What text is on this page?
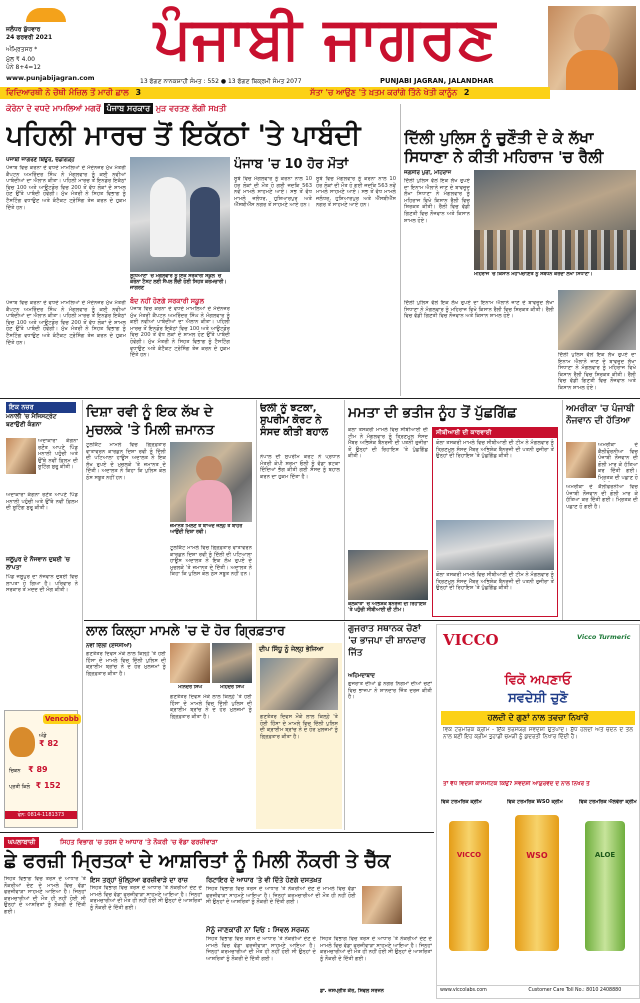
ਜਲੰਧਰ ਬੁੱਧਵਾਰ
24 ਫਰਵਰੀ 2021
ਅੰਮ੍ਰਿਤਸਰ *
ਮੁੱਲ ₹ 4.00
ਪੰਨੇ 8+4=12
www.punjabijagran.com
ਪੰਜਾਬੀ ਜਾਗਰਣ
13 ਫੱਗਣ ਨਾਨਕਸ਼ਾਹੀ ਸੰਮਤ : 552 ● 13 ਫੱਗਣ ਬਿਕ੍ਰਮੀ ਸੰਮਤ 2077	PUNJABI JAGRAN, JALANDHAR
ਵਿਦਿਆਰਥੀ ਨੇ ਚੌਥੀ ਮੰਜ਼ਿਲ ਤੋਂ ਮਾਰੀ ਛਾਲ 3	ਸੱਤਾ 'ਚ ਆਉਣ 'ਤੇ ਖ਼ਤਮ ਕਰਾਂਗੇ ਤਿੰਨੇ ਖੇਤੀ ਕਾਨੂੰਨ 2
ਕੋਰੋਨਾ ਦੇ ਵਧਦੇ ਮਾਮਲਿਆਂ ਮਗਰੋਂ ਪੰਜਾਬ ਸਰਕਾਰ ਮੁੜ ਵਰਤਣ ਲੱਗੀ ਸਖ਼ਤੀ
ਪਹਿਲੀ ਮਾਰਚ ਤੋਂ ਇਕੱਠਾਂ 'ਤੇ ਪਾਬੰਦੀ
ਪੰਜਾਬੀ ਜਾਗਰਣ ਬਿਊਰੋ, ਚੰਡੀਗੜ੍ਹ
ਪੰਜਾਬ ਵਿਚ ਕੋਰੋਨਾ ਦੇ ਵਧਦੇ ਮਾਮਲਿਆਂ ਦੇ ਮੱਦੇਨਜ਼ਰ ਮੁੱਖ ਮੰਤਰੀ ਕੈਪਟਨ ਅਮਰਿੰਦਰ ਸਿੰਘ ਨੇ ਮੰਗਲਵਾਰ ਨੂੰ ਕਈ ਨਵੀਆਂ ਪਾਬੰਦੀਆਂ ਦਾ ਐਲਾਨ ਕੀਤਾ। ਪਹਿਲੀ ਮਾਰਚ ਤੋਂ ਇਨਡੋਰ ਇਕੱਠਾਂ ਵਿਚ 100 ਅਤੇ ਆਊਟਡੋਰ ਵਿਚ 200 ਤੋਂ ਵੱਧ ਲੋਕਾਂ ਦੇ ਸ਼ਾਮਲ ਹੋਣ ਉੱਤੇ ਪਾਬੰਦੀ ਹੋਵੇਗੀ। ਮੁੱਖ ਮੰਤਰੀ ਨੇ ਸਿਹਤ ਵਿਭਾਗ ਨੂੰ ਟੈਸਟਿੰਗ ਵਧਾਉਣ ਅਤੇ ਕੰਟੈਕਟ ਟ੍ਰੇਸਿੰਗ ਤੇਜ਼ ਕਰਨ ਦੇ ਹੁਕਮ ਦਿੱਤੇ ਹਨ।
ਪੰਜਾਬ ਵਿਚ ਕੋਰੋਨਾ ਦੇ ਵਧਦੇ ਮਾਮਲਿਆਂ ਦੇ ਮੱਦੇਨਜ਼ਰ ਮੁੱਖ ਮੰਤਰੀ ਕੈਪਟਨ ਅਮਰਿੰਦਰ ਸਿੰਘ ਨੇ ਮੰਗਲਵਾਰ ਨੂੰ ਕਈ ਨਵੀਆਂ ਪਾਬੰਦੀਆਂ ਦਾ ਐਲਾਨ ਕੀਤਾ। ਪਹਿਲੀ ਮਾਰਚ ਤੋਂ ਇਨਡੋਰ ਇਕੱਠਾਂ ਵਿਚ 100 ਅਤੇ ਆਊਟਡੋਰ ਵਿਚ 200 ਤੋਂ ਵੱਧ ਲੋਕਾਂ ਦੇ ਸ਼ਾਮਲ ਹੋਣ ਉੱਤੇ ਪਾਬੰਦੀ ਹੋਵੇਗੀ। ਮੁੱਖ ਮੰਤਰੀ ਨੇ ਸਿਹਤ ਵਿਭਾਗ ਨੂੰ ਟੈਸਟਿੰਗ ਵਧਾਉਣ ਅਤੇ ਕੰਟੈਕਟ ਟ੍ਰੇਸਿੰਗ ਤੇਜ਼ ਕਰਨ ਦੇ ਹੁਕਮ ਦਿੱਤੇ ਹਨ।
ਲੁਧਿਆਣਾ 'ਚ ਮੰਗਲਵਾਰ ਨੂੰ ਇਕ ਸਰਕਾਰੀ ਸਕੂਲ 'ਚ ਕੋਰੋਨਾ ਟੈਸਟ ਲਈ ਸੈਂਪਲ ਲੈਂਦੀ ਹੋਈ ਸਿਹਤ ਕਰਮਚਾਰੀ। ਜਾਗਰਣ
ਬੰਦ ਨਹੀਂ ਹੋਣਗੇ ਸਰਕਾਰੀ ਸਕੂਲ
ਪੰਜਾਬ ਵਿਚ ਕੋਰੋਨਾ ਦੇ ਵਧਦੇ ਮਾਮਲਿਆਂ ਦੇ ਮੱਦੇਨਜ਼ਰ ਮੁੱਖ ਮੰਤਰੀ ਕੈਪਟਨ ਅਮਰਿੰਦਰ ਸਿੰਘ ਨੇ ਮੰਗਲਵਾਰ ਨੂੰ ਕਈ ਨਵੀਆਂ ਪਾਬੰਦੀਆਂ ਦਾ ਐਲਾਨ ਕੀਤਾ। ਪਹਿਲੀ ਮਾਰਚ ਤੋਂ ਇਨਡੋਰ ਇਕੱਠਾਂ ਵਿਚ 100 ਅਤੇ ਆਊਟਡੋਰ ਵਿਚ 200 ਤੋਂ ਵੱਧ ਲੋਕਾਂ ਦੇ ਸ਼ਾਮਲ ਹੋਣ ਉੱਤੇ ਪਾਬੰਦੀ ਹੋਵੇਗੀ। ਮੁੱਖ ਮੰਤਰੀ ਨੇ ਸਿਹਤ ਵਿਭਾਗ ਨੂੰ ਟੈਸਟਿੰਗ ਵਧਾਉਣ ਅਤੇ ਕੰਟੈਕਟ ਟ੍ਰੇਸਿੰਗ ਤੇਜ਼ ਕਰਨ ਦੇ ਹੁਕਮ ਦਿੱਤੇ ਹਨ।
ਪੰਜਾਬ 'ਚ 10 ਹੋਰ ਮੌਤਾਂ
ਸੂਬੇ ਵਿਚ ਮੰਗਲਵਾਰ ਨੂੰ ਕੋਰੋਨਾ ਨਾਲ 10 ਹੋਰ ਲੋਕਾਂ ਦੀ ਮੌਤ ਹੋ ਗਈ ਜਦਕਿ 563 ਨਵੇਂ ਮਾਮਲੇ ਸਾਹਮਣੇ ਆਏ। ਸਭ ਤੋਂ ਵੱਧ ਮਾਮਲੇ ਜਲੰਧਰ, ਹੁਸ਼ਿਆਰਪੁਰ ਅਤੇ ਐੱਸਬੀਐੱਸ ਨਗਰ ਤੋਂ ਸਾਹਮਣੇ ਆਏ ਹਨ।
ਸੂਬੇ ਵਿਚ ਮੰਗਲਵਾਰ ਨੂੰ ਕੋਰੋਨਾ ਨਾਲ 10 ਹੋਰ ਲੋਕਾਂ ਦੀ ਮੌਤ ਹੋ ਗਈ ਜਦਕਿ 563 ਨਵੇਂ ਮਾਮਲੇ ਸਾਹਮਣੇ ਆਏ। ਸਭ ਤੋਂ ਵੱਧ ਮਾਮਲੇ ਜਲੰਧਰ, ਹੁਸ਼ਿਆਰਪੁਰ ਅਤੇ ਐੱਸਬੀਐੱਸ ਨਗਰ ਤੋਂ ਸਾਹਮਣੇ ਆਏ ਹਨ।
ਦਿੱਲੀ ਪੁਲਿਸ ਨੂੰ ਚੁਣੌਤੀ ਦੇ ਕੇ ਲੱਖਾ
ਸਿਧਾਣਾ ਨੇ ਕੀਤੀ ਮਹਿਰਾਜ 'ਚ ਰੈਲੀ
ਜਗਸੀਰ ਪੁਰੀ, ਮਹਿਰਾਜ
ਦਿੱਲੀ ਪੁਲਿਸ ਵੱਲੋਂ ਇਕ ਲੱਖ ਰੁਪਏ ਦਾ ਇਨਾਮ ਐਲਾਨੇ ਜਾਣ ਦੇ ਬਾਵਜੂਦ ਲੱਖਾ ਸਿਧਾਣਾ ਨੇ ਮੰਗਲਵਾਰ ਨੂੰ ਮਹਿਰਾਜ ਵਿਖੇ ਕਿਸਾਨ ਰੈਲੀ ਵਿਚ ਸ਼ਿਰਕਤ ਕੀਤੀ। ਰੈਲੀ ਵਿਚ ਵੱਡੀ ਗਿਣਤੀ ਵਿਚ ਨੌਜਵਾਨ ਅਤੇ ਕਿਸਾਨ ਸ਼ਾਮਲ ਹੋਏ।
ਮਹਿਰਾਜ 'ਚ ਕਿਸਾਨ ਮਹਾਪੰਚਾਇਤ ਨੂੰ ਸੰਬੋਧਨ ਕਰਦਾ ਲੱਖਾ ਸਿਧਾਣਾ।
ਦਿੱਲੀ ਪੁਲਿਸ ਵੱਲੋਂ ਇਕ ਲੱਖ ਰੁਪਏ ਦਾ ਇਨਾਮ ਐਲਾਨੇ ਜਾਣ ਦੇ ਬਾਵਜੂਦ ਲੱਖਾ ਸਿਧਾਣਾ ਨੇ ਮੰਗਲਵਾਰ ਨੂੰ ਮਹਿਰਾਜ ਵਿਖੇ ਕਿਸਾਨ ਰੈਲੀ ਵਿਚ ਸ਼ਿਰਕਤ ਕੀਤੀ। ਰੈਲੀ ਵਿਚ ਵੱਡੀ ਗਿਣਤੀ ਵਿਚ ਨੌਜਵਾਨ ਅਤੇ ਕਿਸਾਨ ਸ਼ਾਮਲ ਹੋਏ।
ਦਿੱਲੀ ਪੁਲਿਸ ਵੱਲੋਂ ਇਕ ਲੱਖ ਰੁਪਏ ਦਾ ਇਨਾਮ ਐਲਾਨੇ ਜਾਣ ਦੇ ਬਾਵਜੂਦ ਲੱਖਾ ਸਿਧਾਣਾ ਨੇ ਮੰਗਲਵਾਰ ਨੂੰ ਮਹਿਰਾਜ ਵਿਖੇ ਕਿਸਾਨ ਰੈਲੀ ਵਿਚ ਸ਼ਿਰਕਤ ਕੀਤੀ। ਰੈਲੀ ਵਿਚ ਵੱਡੀ ਗਿਣਤੀ ਵਿਚ ਨੌਜਵਾਨ ਅਤੇ ਕਿਸਾਨ ਸ਼ਾਮਲ ਹੋਏ।
ਇਕ ਨਜ਼ਰ
ਮਨਾਲੀ 'ਚ ਮੈਜਿਸਟ੍ਰੇਟ ਬਣਾਉਣੀ ਕੰਗਨਾ
ਅਦਾਕਾਰਾ ਕੰਗਨਾ ਰਣੌਤ ਆਪਣੇ ਪਿੰਡ ਮਨਾਲੀ ਪਹੁੰਚੀ ਅਤੇ ਉੱਥੇ ਨਵੀਂ ਫ਼ਿਲਮ ਦੀ ਸ਼ੂਟਿੰਗ ਸ਼ੁਰੂ ਕੀਤੀ।
ਅਦਾਕਾਰਾ ਕੰਗਨਾ ਰਣੌਤ ਆਪਣੇ ਪਿੰਡ ਮਨਾਲੀ ਪਹੁੰਚੀ ਅਤੇ ਉੱਥੇ ਨਵੀਂ ਫ਼ਿਲਮ ਦੀ ਸ਼ੂਟਿੰਗ ਸ਼ੁਰੂ ਕੀਤੀ।
ਜਲੂਪੁਰ ਦੇ ਨੌਜਵਾਨ ਦੁਬਈ 'ਚ ਲਾਪਤਾ
ਪਿੰਡ ਜਲੂਪੁਰ ਦਾ ਨੌਜਵਾਨ ਦੁਬਈ ਵਿਚ ਲਾਪਤਾ ਹੋ ਗਿਆ ਹੈ। ਪਰਿਵਾਰ ਨੇ ਸਰਕਾਰ ਤੋਂ ਮਦਦ ਦੀ ਮੰਗ ਕੀਤੀ।
Vencobb
ਅੰਡੇ
₹ 82
ਚਿਕਨ ₹ 89
ਪ੍ਰਤੀ ਕਿਲੋ ₹ 152
ਫੋਨ: 0814-1181373
ਦਿਸ਼ਾ ਰਵੀ ਨੂੰ ਇਕ ਲੱਖ ਦੇ
ਮੁਚਲਕੇ 'ਤੇ ਮਿਲੀ ਜ਼ਮਾਨਤ
ਟੂਲਕਿੱਟ ਮਾਮਲੇ ਵਿਚ ਗ੍ਰਿਫ਼ਤਾਰ ਵਾਤਾਵਰਨ ਕਾਰਕੁਨ ਦਿਸ਼ਾ ਰਵੀ ਨੂੰ ਦਿੱਲੀ ਦੀ ਪਟਿਆਲਾ ਹਾਊਸ ਅਦਾਲਤ ਨੇ ਇਕ ਲੱਖ ਰੁਪਏ ਦੇ ਮੁਚਲਕੇ 'ਤੇ ਜ਼ਮਾਨਤ ਦੇ ਦਿੱਤੀ। ਅਦਾਲਤ ਨੇ ਕਿਹਾ ਕਿ ਪੁਲਿਸ ਕੋਲ ਠੋਸ ਸਬੂਤ ਨਹੀਂ ਹਨ।
ਜ਼ਮਾਨਤ ਮਿਲਣ ਤੋਂ ਬਾਅਦ ਜੇਲ੍ਹ ਤੋਂ ਬਾਹਰ ਆਉਂਦੀ ਦਿਸ਼ਾ ਰਵੀ।
ਟੂਲਕਿੱਟ ਮਾਮਲੇ ਵਿਚ ਗ੍ਰਿਫ਼ਤਾਰ ਵਾਤਾਵਰਨ ਕਾਰਕੁਨ ਦਿਸ਼ਾ ਰਵੀ ਨੂੰ ਦਿੱਲੀ ਦੀ ਪਟਿਆਲਾ ਹਾਊਸ ਅਦਾਲਤ ਨੇ ਇਕ ਲੱਖ ਰੁਪਏ ਦੇ ਮੁਚਲਕੇ 'ਤੇ ਜ਼ਮਾਨਤ ਦੇ ਦਿੱਤੀ। ਅਦਾਲਤ ਨੇ ਕਿਹਾ ਕਿ ਪੁਲਿਸ ਕੋਲ ਠੋਸ ਸਬੂਤ ਨਹੀਂ ਹਨ।
ਓਲੀ ਨੂੰ ਝਟਕਾ, ਸੁਪਰੀਮ ਕੋਰਟ ਨੇ ਸੰਸਦ ਕੀਤੀ ਬਹਾਲ
ਨੇਪਾਲ ਦੀ ਸੁਪਰੀਮ ਕੋਰਟ ਨੇ ਪ੍ਰਧਾਨ ਮੰਤਰੀ ਕੇਪੀ ਸ਼ਰਮਾ ਓਲੀ ਨੂੰ ਵੱਡਾ ਝਟਕਾ ਦਿੰਦਿਆਂ ਭੰਗ ਕੀਤੀ ਗਈ ਸੰਸਦ ਨੂੰ ਬਹਾਲ ਕਰਨ ਦਾ ਹੁਕਮ ਦਿੱਤਾ ਹੈ।
ਮਮਤਾ ਦੀ ਭਤੀਜ ਨੂੰਹ ਤੋਂ ਪੁੱਛਗਿੱਛ
ਕੋਲਾ ਤਸਕਰੀ ਮਾਮਲੇ ਵਿਚ ਸੀਬੀਆਈ ਦੀ ਟੀਮ ਨੇ ਮੰਗਲਵਾਰ ਨੂੰ ਤ੍ਰਿਣਮੂਲ ਸੰਸਦ ਮੈਂਬਰ ਅਭਿਸ਼ੇਕ ਬੈਨਰਜੀ ਦੀ ਪਤਨੀ ਰੁਜੀਰਾ ਤੋਂ ਉਨ੍ਹਾਂ ਦੀ ਰਿਹਾਇਸ਼ 'ਤੇ ਪੁੱਛਗਿੱਛ ਕੀਤੀ।
ਕੋਲਕਾਤਾ 'ਚ ਅਭਿਸ਼ੇਕ ਬੈਨਰਜੀ ਦੀ ਰਿਹਾਇਸ਼ 'ਤੇ ਪਹੁੰਚੀ ਸੀਬੀਆਈ ਦੀ ਟੀਮ।
ਸੀਬੀਆਈ ਦੀ ਕਾਰਵਾਈ
ਕੋਲਾ ਤਸਕਰੀ ਮਾਮਲੇ ਵਿਚ ਸੀਬੀਆਈ ਦੀ ਟੀਮ ਨੇ ਮੰਗਲਵਾਰ ਨੂੰ ਤ੍ਰਿਣਮੂਲ ਸੰਸਦ ਮੈਂਬਰ ਅਭਿਸ਼ੇਕ ਬੈਨਰਜੀ ਦੀ ਪਤਨੀ ਰੁਜੀਰਾ ਤੋਂ ਉਨ੍ਹਾਂ ਦੀ ਰਿਹਾਇਸ਼ 'ਤੇ ਪੁੱਛਗਿੱਛ ਕੀਤੀ।
ਕੋਲਾ ਤਸਕਰੀ ਮਾਮਲੇ ਵਿਚ ਸੀਬੀਆਈ ਦੀ ਟੀਮ ਨੇ ਮੰਗਲਵਾਰ ਨੂੰ ਤ੍ਰਿਣਮੂਲ ਸੰਸਦ ਮੈਂਬਰ ਅਭਿਸ਼ੇਕ ਬੈਨਰਜੀ ਦੀ ਪਤਨੀ ਰੁਜੀਰਾ ਤੋਂ ਉਨ੍ਹਾਂ ਦੀ ਰਿਹਾਇਸ਼ 'ਤੇ ਪੁੱਛਗਿੱਛ ਕੀਤੀ।
ਅਮਰੀਕਾ 'ਚ ਪੰਜਾਬੀ ਨੌਜਵਾਨ ਦੀ ਹੱਤਿਆ
ਅਮਰੀਕਾ ਦੇ ਕੈਲੀਫੋਰਨੀਆ ਵਿਚ ਪੰਜਾਬੀ ਨੌਜਵਾਨ ਦੀ ਗੋਲੀ ਮਾਰ ਕੇ ਹੱਤਿਆ ਕਰ ਦਿੱਤੀ ਗਈ। ਮ੍ਰਿਤਕ ਦੀ ਪਛਾਣ ਹੋ
ਅਮਰੀਕਾ ਦੇ ਕੈਲੀਫੋਰਨੀਆ ਵਿਚ ਪੰਜਾਬੀ ਨੌਜਵਾਨ ਦੀ ਗੋਲੀ ਮਾਰ ਕੇ ਹੱਤਿਆ ਕਰ ਦਿੱਤੀ ਗਈ। ਮ੍ਰਿਤਕ ਦੀ ਪਛਾਣ ਹੋ ਗਈ ਹੈ।
ਲਾਲ ਕਿਲ੍ਹਾ ਮਾਮਲੇ 'ਚ ਦੋ ਹੋਰ ਗ੍ਰਿਫ਼ਤਾਰ
ਨਵੀਂ ਦਿੱਲੀ (ਏਜੰਸੀਆਂ)
ਗਣਤੰਤਰ ਦਿਵਸ ਮੌਕੇ ਲਾਲ ਕਿਲ੍ਹੇ 'ਤੇ ਹੋਈ ਹਿੰਸਾ ਦੇ ਮਾਮਲੇ ਵਿਚ ਦਿੱਲੀ ਪੁਲਿਸ ਦੀ ਕ੍ਰਾਈਮ ਬ੍ਰਾਂਚ ਨੇ ਦੋ ਹੋਰ ਮੁਲਜ਼ਮਾਂ ਨੂੰ ਗ੍ਰਿਫ਼ਤਾਰ ਕੀਤਾ ਹੈ।
ਮਨਿੰਦਰ ਸਿੰਘ	ਮਹਿੰਦਰ ਸਿੰਘ
ਗਣਤੰਤਰ ਦਿਵਸ ਮੌਕੇ ਲਾਲ ਕਿਲ੍ਹੇ 'ਤੇ ਹੋਈ ਹਿੰਸਾ ਦੇ ਮਾਮਲੇ ਵਿਚ ਦਿੱਲੀ ਪੁਲਿਸ ਦੀ ਕ੍ਰਾਈਮ ਬ੍ਰਾਂਚ ਨੇ ਦੋ ਹੋਰ ਮੁਲਜ਼ਮਾਂ ਨੂੰ ਗ੍ਰਿਫ਼ਤਾਰ ਕੀਤਾ ਹੈ।
ਦੀਪ ਸਿੱਧੂ ਨੂੰ ਜੇਲ੍ਹ ਭੇਜਿਆ
ਗਣਤੰਤਰ ਦਿਵਸ ਮੌਕੇ ਲਾਲ ਕਿਲ੍ਹੇ 'ਤੇ ਹੋਈ ਹਿੰਸਾ ਦੇ ਮਾਮਲੇ ਵਿਚ ਦਿੱਲੀ ਪੁਲਿਸ ਦੀ ਕ੍ਰਾਈਮ ਬ੍ਰਾਂਚ ਨੇ ਦੋ ਹੋਰ ਮੁਲਜ਼ਮਾਂ ਨੂੰ ਗ੍ਰਿਫ਼ਤਾਰ ਕੀਤਾ ਹੈ।
ਗੁਜਰਾਤ ਸਥਾਨਕ ਚੋਣਾਂ 'ਚ ਭਾਜਪਾ ਦੀ ਸ਼ਾਨਦਾਰ ਜਿੱਤ
ਅਹਿਮਦਾਬਾਦ
ਗੁਜਰਾਤ ਦੀਆਂ ਛੇ ਨਗਰ ਨਿਗਮਾਂ ਦੀਆਂ ਚੋਣਾਂ ਵਿਚ ਭਾਜਪਾ ਨੇ ਸ਼ਾਨਦਾਰ ਜਿੱਤ ਦਰਜ ਕੀਤੀ ਹੈ।
VICCO	Vicco Turmeric
ਵਿਕੋ ਅਪਣਾਓ
ਸਵਦੇਸ਼ੀ ਚੁਣੋ
ਹਲਦੀ ਦੇ ਗੁਣਾਂ ਨਾਲ ਤਵਚਾ ਨਿਖਾਰੇ
ਵਿਕੋ ਟਰਮਰਿਕ ਕ੍ਰੀਮ - ਇੱਕ ਭਰੋਸੇਯੋਗ ਸਵਦੇਸ਼ੀ ਉਤਪਾਦ। ਸ਼ੁੱਧ ਹਲਦੀ ਅਤੇ ਚੰਦਨ ਦੇ ਤੇਲ ਨਾਲ ਬਣੀ ਇਹ ਕ੍ਰੀਮ ਤੁਹਾਡੀ ਚਮੜੀ ਨੂੰ ਕੁਦਰਤੀ ਨਿਖਾਰ ਦਿੰਦੀ ਹੈ।
ਤਾਂ ਵੱਧ ਵਿਦੇਸ਼ੀ ਕਾਸਮੈਟਿਕ ਕਿਉਂ? ਸਵਦੇਸ਼ੀ ਆਯੁਰਵੇਦ ਦੇ ਨਾਲ ਨਿਖਰੇ ਤੇ
ਵਿਕੋ ਟਰਮਰਿਕ ਕ੍ਰੀਮ	ਵਿਕੋ ਟਰਮਰਿਕ WSO ਕ੍ਰੀਮ	ਵਿਕੋ ਟਰਮਰਿਕ ਐਲੋਵੇਰਾ ਕ੍ਰੀਮ
VICCO	WSO	ALOE
www.viccolabs.com	Customer Care Toll No.: 8010 2408880
ਘਪਲਾਬਾਜ਼ੀ	ਸਿਹਤ ਵਿਭਾਗ 'ਚ ਤਰਸ ਦੇ ਆਧਾਰ 'ਤੇ ਨੌਕਰੀ 'ਚ ਵੱਡਾ ਫਰਜ਼ੀਵਾੜਾ
ਛੇ ਫਰਜ਼ੀ ਮ੍ਰਿਤਕਾਂ ਦੇ ਆਸ਼ਰਿਤਾਂ ਨੂੰ ਮਿਲੀ ਨੌਕਰੀ ਤੇ ਚੈੱਕ
ਸਿਹਤ ਵਿਭਾਗ ਵਿਚ ਤਰਸ ਦੇ ਆਧਾਰ 'ਤੇ ਨੌਕਰੀਆਂ ਦੇਣ ਦੇ ਮਾਮਲੇ ਵਿਚ ਵੱਡਾ ਫਰਜ਼ੀਵਾੜਾ ਸਾਹਮਣੇ ਆਇਆ ਹੈ। ਜਿਨ੍ਹਾਂ ਕਰਮਚਾਰੀਆਂ ਦੀ ਮੌਤ ਹੀ ਨਹੀਂ ਹੋਈ ਸੀ ਉਨ੍ਹਾਂ ਦੇ ਆਸ਼ਰਿਤਾਂ ਨੂੰ ਨੌਕਰੀ ਦੇ ਦਿੱਤੀ ਗਈ।
ਇਸ ਤਰ੍ਹਾਂ ਖੁੱਲ੍ਹਿਆ ਫਰਜ਼ੀਵਾੜੇ ਦਾ ਰਾਜ਼
ਸਿਹਤ ਵਿਭਾਗ ਵਿਚ ਤਰਸ ਦੇ ਆਧਾਰ 'ਤੇ ਨੌਕਰੀਆਂ ਦੇਣ ਦੇ ਮਾਮਲੇ ਵਿਚ ਵੱਡਾ ਫਰਜ਼ੀਵਾੜਾ ਸਾਹਮਣੇ ਆਇਆ ਹੈ। ਜਿਨ੍ਹਾਂ ਕਰਮਚਾਰੀਆਂ ਦੀ ਮੌਤ ਹੀ ਨਹੀਂ ਹੋਈ ਸੀ ਉਨ੍ਹਾਂ ਦੇ ਆਸ਼ਰਿਤਾਂ ਨੂੰ ਨੌਕਰੀ ਦੇ ਦਿੱਤੀ ਗਈ।
ਰਿਟਾਇਰ ਦੇ ਆਧਾਰ 'ਤੇ ਵੀ ਦਿੱਤੇ ਹੋਣਗੇ ਦਸਤਖ਼ਤ
ਸਿਹਤ ਵਿਭਾਗ ਵਿਚ ਤਰਸ ਦੇ ਆਧਾਰ 'ਤੇ ਨੌਕਰੀਆਂ ਦੇਣ ਦੇ ਮਾਮਲੇ ਵਿਚ ਵੱਡਾ ਫਰਜ਼ੀਵਾੜਾ ਸਾਹਮਣੇ ਆਇਆ ਹੈ। ਜਿਨ੍ਹਾਂ ਕਰਮਚਾਰੀਆਂ ਦੀ ਮੌਤ ਹੀ ਨਹੀਂ ਹੋਈ ਸੀ ਉਨ੍ਹਾਂ ਦੇ ਆਸ਼ਰਿਤਾਂ ਨੂੰ ਨੌਕਰੀ ਦੇ ਦਿੱਤੀ ਗਈ।
ਮੈਨੂੰ ਜਾਣਕਾਰੀ ਨਾ ਦਿਓ : ਸਿਵਲ ਸਰਜਨ
ਸਿਹਤ ਵਿਭਾਗ ਵਿਚ ਤਰਸ ਦੇ ਆਧਾਰ 'ਤੇ ਨੌਕਰੀਆਂ ਦੇਣ ਦੇ ਮਾਮਲੇ ਵਿਚ ਵੱਡਾ ਫਰਜ਼ੀਵਾੜਾ ਸਾਹਮਣੇ ਆਇਆ ਹੈ। ਜਿਨ੍ਹਾਂ ਕਰਮਚਾਰੀਆਂ ਦੀ ਮੌਤ ਹੀ ਨਹੀਂ ਹੋਈ ਸੀ ਉਨ੍ਹਾਂ ਦੇ ਆਸ਼ਰਿਤਾਂ ਨੂੰ ਨੌਕਰੀ ਦੇ ਦਿੱਤੀ ਗਈ।
ਸਿਹਤ ਵਿਭਾਗ ਵਿਚ ਤਰਸ ਦੇ ਆਧਾਰ 'ਤੇ ਨੌਕਰੀਆਂ ਦੇਣ ਦੇ ਮਾਮਲੇ ਵਿਚ ਵੱਡਾ ਫਰਜ਼ੀਵਾੜਾ ਸਾਹਮਣੇ ਆਇਆ ਹੈ। ਜਿਨ੍ਹਾਂ ਕਰਮਚਾਰੀਆਂ ਦੀ ਮੌਤ ਹੀ ਨਹੀਂ ਹੋਈ ਸੀ ਉਨ੍ਹਾਂ ਦੇ ਆਸ਼ਰਿਤਾਂ ਨੂੰ ਨੌਕਰੀ ਦੇ ਦਿੱਤੀ ਗਈ।
ਡਾ. ਜਸਪ੍ਰੀਤ ਕੌਰ, ਸਿਵਲ ਸਰਜਨ
